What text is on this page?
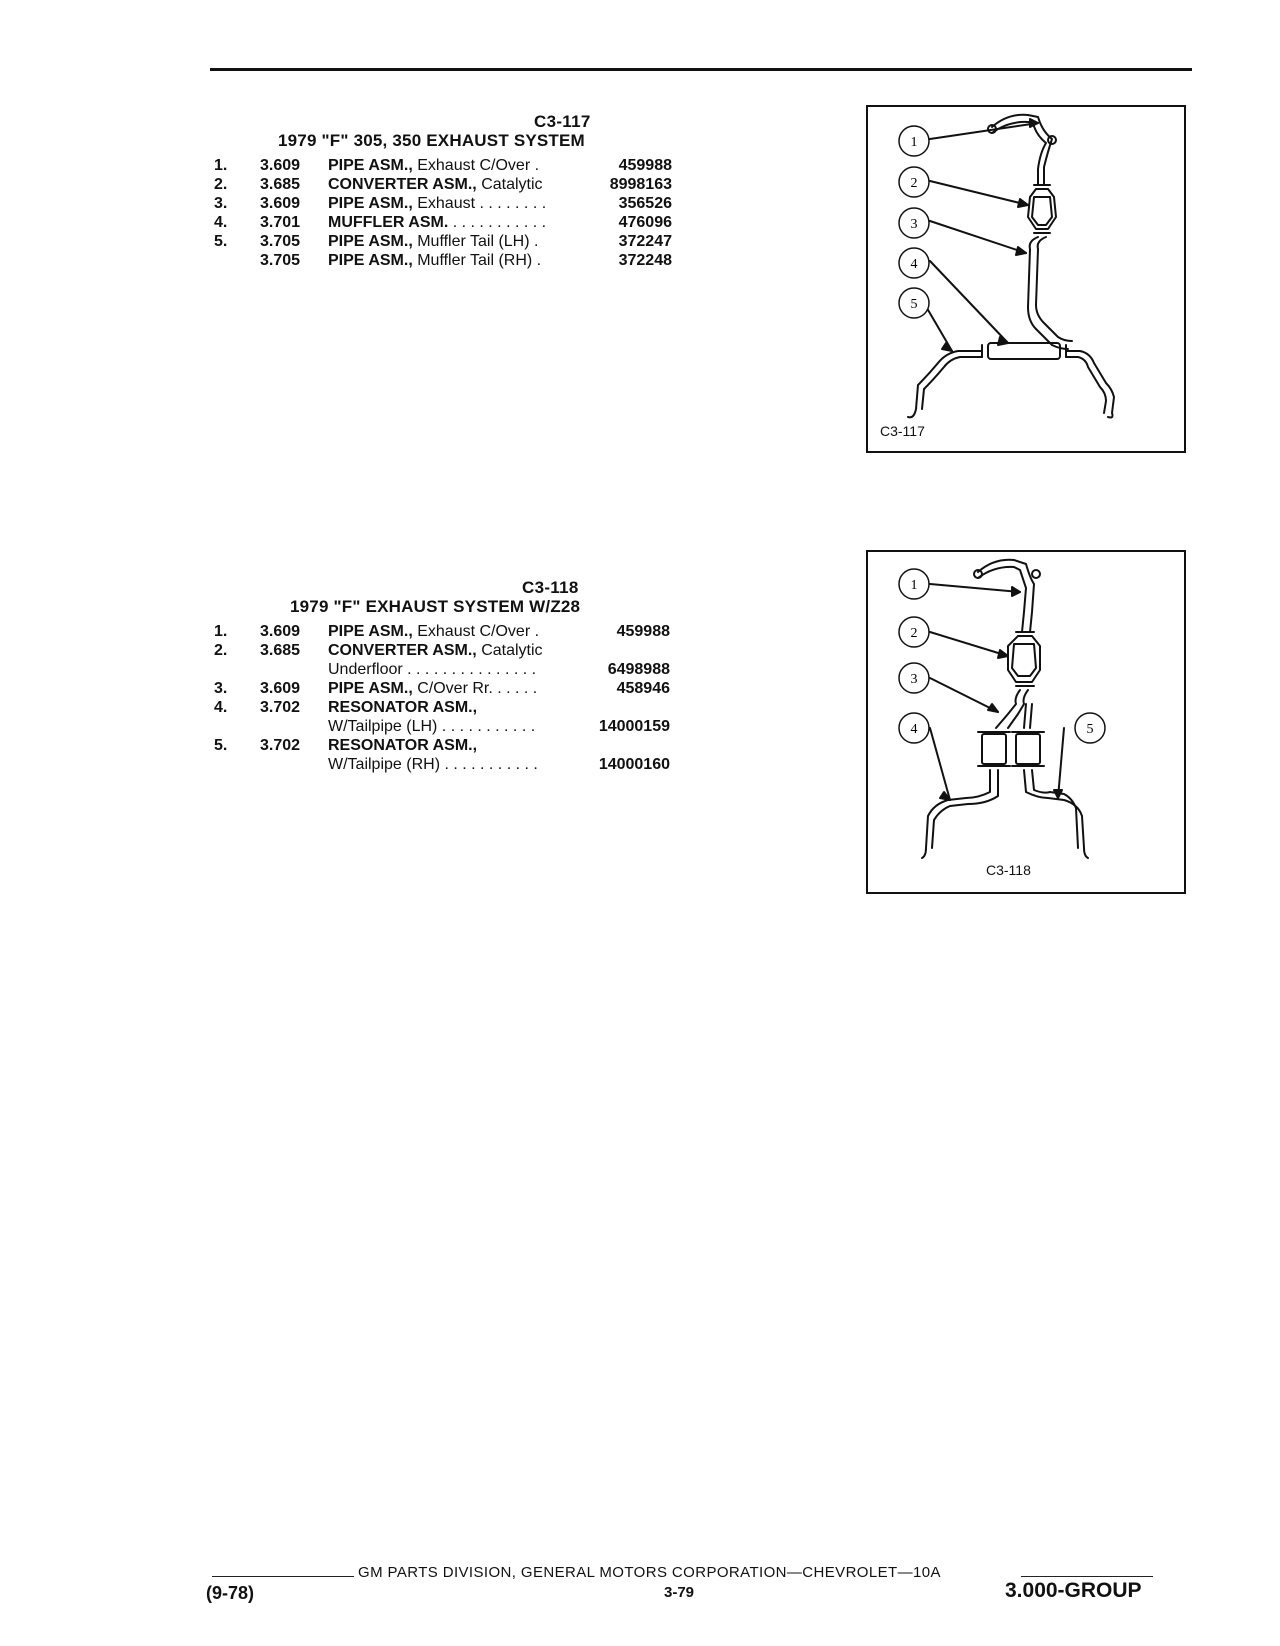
C3-117
1979 "F" 305, 350 EXHAUST SYSTEM
1.	3.609 PIPE ASM., Exhaust C/Over .	459988
2.	3.685 CONVERTER ASM., Catalytic	8998163
3.	3.609 PIPE ASM., Exhaust . . . . . . . .	356526
4.	3.701 MUFFLER ASM. . . . . . . . . . . .	476096
5.	3.705 PIPE ASM., Muffler Tail (LH) .	372247
3.705 PIPE ASM., Muffler Tail (RH) .	372248
C3-118
1979 "F" EXHAUST SYSTEM W/Z28
1.	3.609 PIPE ASM., Exhaust C/Over .	459988
2.	3.685 CONVERTER ASM., Catalytic
Underfloor . . . . . . . . . . . . . . .	6498988
3.	3.609 PIPE ASM., C/Over Rr. . . . . .	458946
4.	3.702 RESONATOR ASM.,
W/Tailpipe (LH) . . . . . . . . . . .	14000159
5.	3.702 RESONATOR ASM.,
W/Tailpipe (RH) . . . . . . . . . . .	14000160
1
2
3
4
5
C3-117
1
2
3
4	5
C3-118
GM PARTS DIVISION, GENERAL MOTORS CORPORATION—CHEVROLET—10A
(9-78)	3-79	3.000-GROUP
